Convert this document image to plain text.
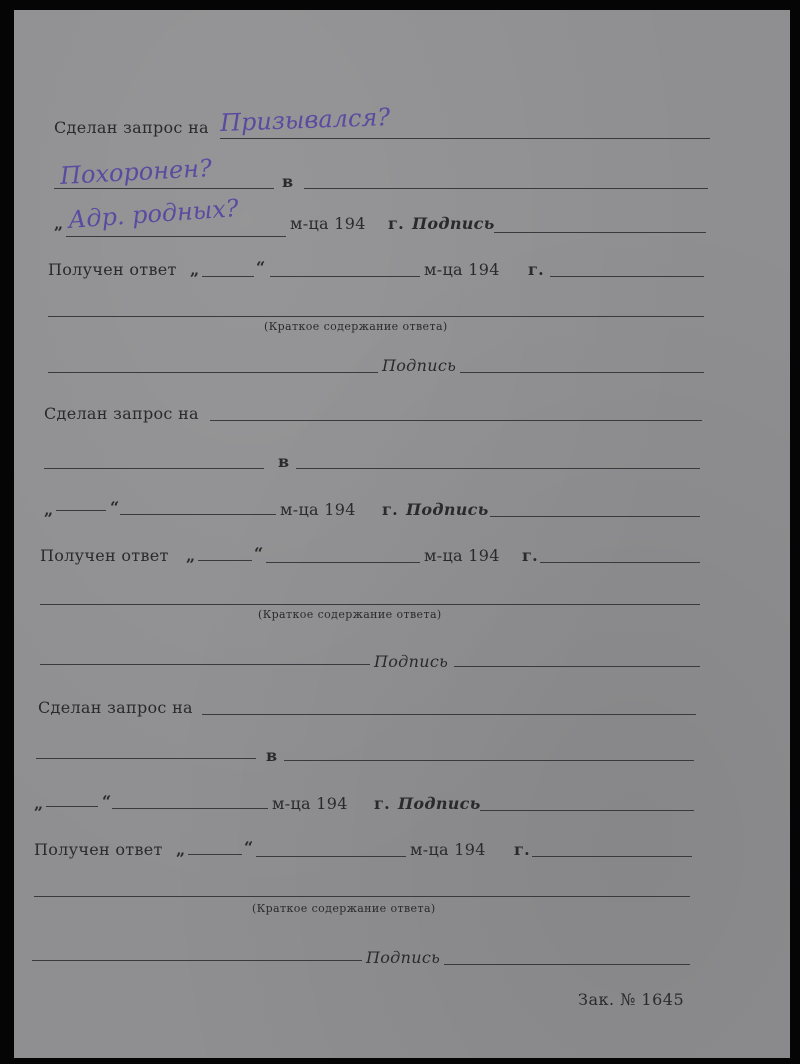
Сделан запрос на Призывался?
Похоронен?	в
„ Адр. родных?	м-ца 194 г. Подпись
Получен ответ „	“	м-ца 194 г.
(Краткое содержание ответа)
Подпись
Сделан запрос на
в
„	“	м-ца 194 г. Подпись
Получен ответ „	“	м-ца 194 г.
(Краткое содержание ответа)
Подпись
Сделан запрос на
в
„	“	м-ца 194 г. Подпись
Получен ответ „	“	м-ца 194 г.
(Краткое содержание ответа)
Подпись
Зак. № 1645
